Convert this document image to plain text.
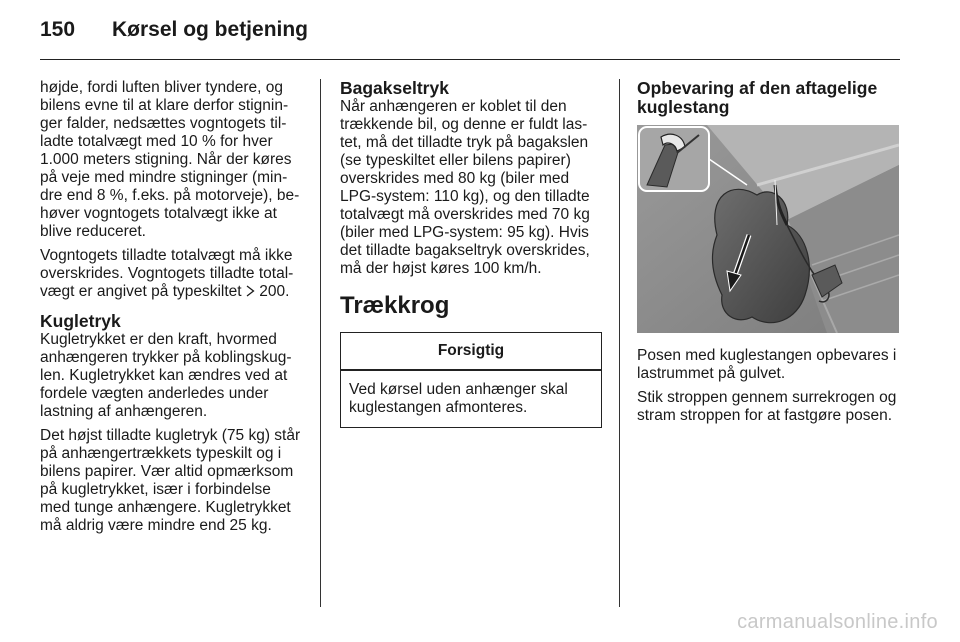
150 Kørsel og betjening

højde, fordi luften bliver tyndere, og bilens evne til at klare derfor stignin-ger falder, nedsættes vogntogets til-ladte totalvægt med 10 % for hver 1.000 meters stigning. Når der køres på veje med mindre stigninger (min-dre end 8 %, f.eks. på motorveje), be-høver vogntogets totalvægt ikke at blive reduceret.

Vogntogets tilladte totalvægt må ikke overskrides. Vogntogets tilladte total-vægt er angivet på typeskiltet 200.

Kugletryk

Kugletrykket er den kraft, hvormed anhængeren trykker på koblingskug-len. Kugletrykket kan ændres ved at fordele vægten anderledes under lastning af anhængeren.

Det højst tilladte kugletryk (75 kg) står på anhængertrækkets typeskilt og i bilens papirer. Vær altid opmærksom på kugletrykket, især i forbindelse med tunge anhængere. Kugletrykket må aldrig være mindre end 25 kg.

Bagakseltryk

Når anhængeren er koblet til den trækkende bil, og denne er fuldt las-tet, må det tilladte tryk på bagakslen (se typeskiltet eller bilens papirer) overskrides med 80 kg (biler med LPG-system: 110 kg), og den tilladte totalvægt må overskrides med 70 kg (biler med LPG-system: 95 kg). Hvis det tilladte bagakseltryk overskrides, må der højst køres 100 km/h.

Trækkrog
Forsigtig
Ved kørsel uden anhænger skal kuglestangen afmonteres.
Opbevaring af den aftagelige kuglestang

Posen med kuglestangen opbevares i lastrummet på gulvet.

Stik stroppen gennem surrekrogen og stram stroppen for at fastgøre posen.

carmanualsonline.info
